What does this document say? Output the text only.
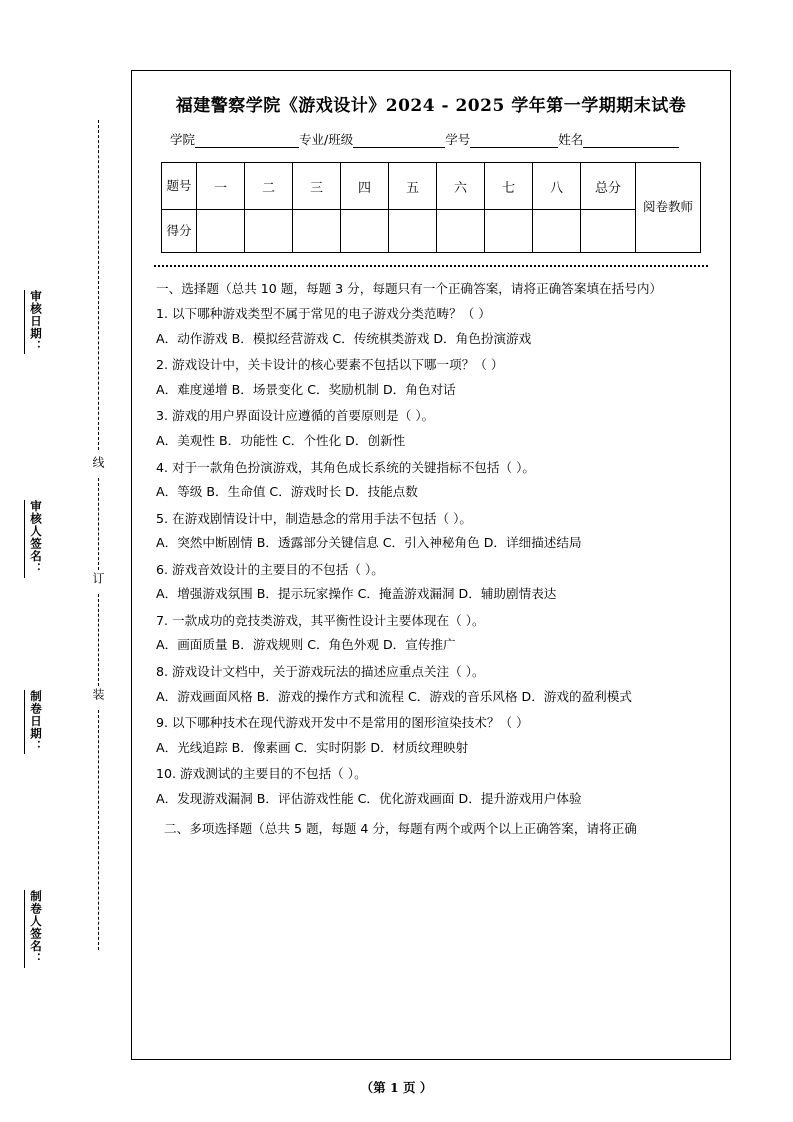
审核日期：
审核人签名：
制卷日期：
制卷人签名：
线
订
装
福建警察学院《游戏设计》2024 - 2025 学年第一学期期末试卷
学院	专业/班级	学号	姓名
题号	一	二	三	四	五	六	七	八	总分	阅卷教师
得分										
一、选择题（总共 10 题，每题 3 分，每题只有一个正确答案，请将正确答案填在括号内）
1. 以下哪种游戏类型不属于常见的电子游戏分类范畴？（ ）
A．动作游戏 B．模拟经营游戏 C．传统棋类游戏 D．角色扮演游戏
2. 游戏设计中，关卡设计的核心要素不包括以下哪一项？（ ）
A．难度递增 B．场景变化 C．奖励机制 D．角色对话
3. 游戏的用户界面设计应遵循的首要原则是（ ）。
A．美观性 B．功能性 C．个性化 D．创新性
4. 对于一款角色扮演游戏，其角色成长系统的关键指标不包括（ ）。
A．等级 B．生命值 C．游戏时长 D．技能点数
5. 在游戏剧情设计中，制造悬念的常用手法不包括（ ）。
A．突然中断剧情 B．透露部分关键信息 C．引入神秘角色 D．详细描述结局
6. 游戏音效设计的主要目的不包括（ ）。
A．增强游戏氛围 B．提示玩家操作 C．掩盖游戏漏洞 D．辅助剧情表达
7. 一款成功的竞技类游戏，其平衡性设计主要体现在（ ）。
A．画面质量 B．游戏规则 C．角色外观 D．宣传推广
8. 游戏设计文档中，关于游戏玩法的描述应重点关注（ ）。
A．游戏画面风格 B．游戏的操作方式和流程 C．游戏的音乐风格 D．游戏的盈利模式
9. 以下哪种技术在现代游戏开发中不是常用的图形渲染技术？（ ）
A．光线追踪 B．像素画 C．实时阴影 D．材质纹理映射
10. 游戏测试的主要目的不包括（ ）。
A．发现游戏漏洞 B．评估游戏性能 C．优化游戏画面 D．提升游戏用户体验
二、多项选择题（总共 5 题，每题 4 分，每题有两个或两个以上正确答案，请将正确
（第 1 页 ）
